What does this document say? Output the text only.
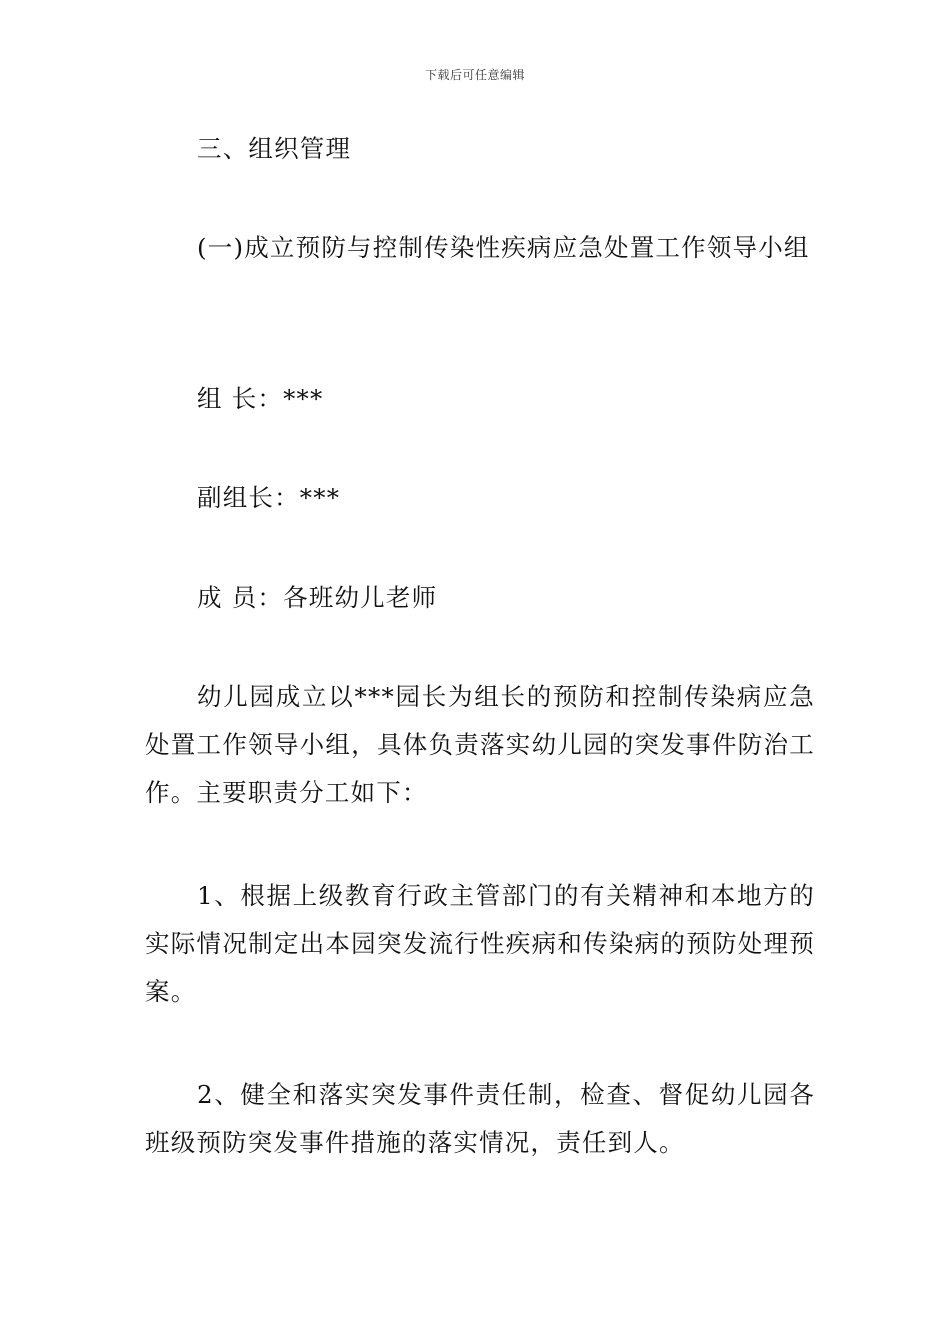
下载后可任意编辑

三、组织管理

(一)成立预防与控制传染性疾病应急处置工作领导小组

组 长：***

副组长：***

成 员：各班幼儿老师

幼儿园成立以***园长为组长的预防和控制传染病应急处置工作领导小组，具体负责落实幼儿园的突发事件防治工作。主要职责分工如下：

1、根据上级教育行政主管部门的有关精神和本地方的实际情况制定出本园突发流行性疾病和传染病的预防处理预案。

2、健全和落实突发事件责任制，检查、督促幼儿园各班级预防突发事件措施的落实情况，责任到人。
